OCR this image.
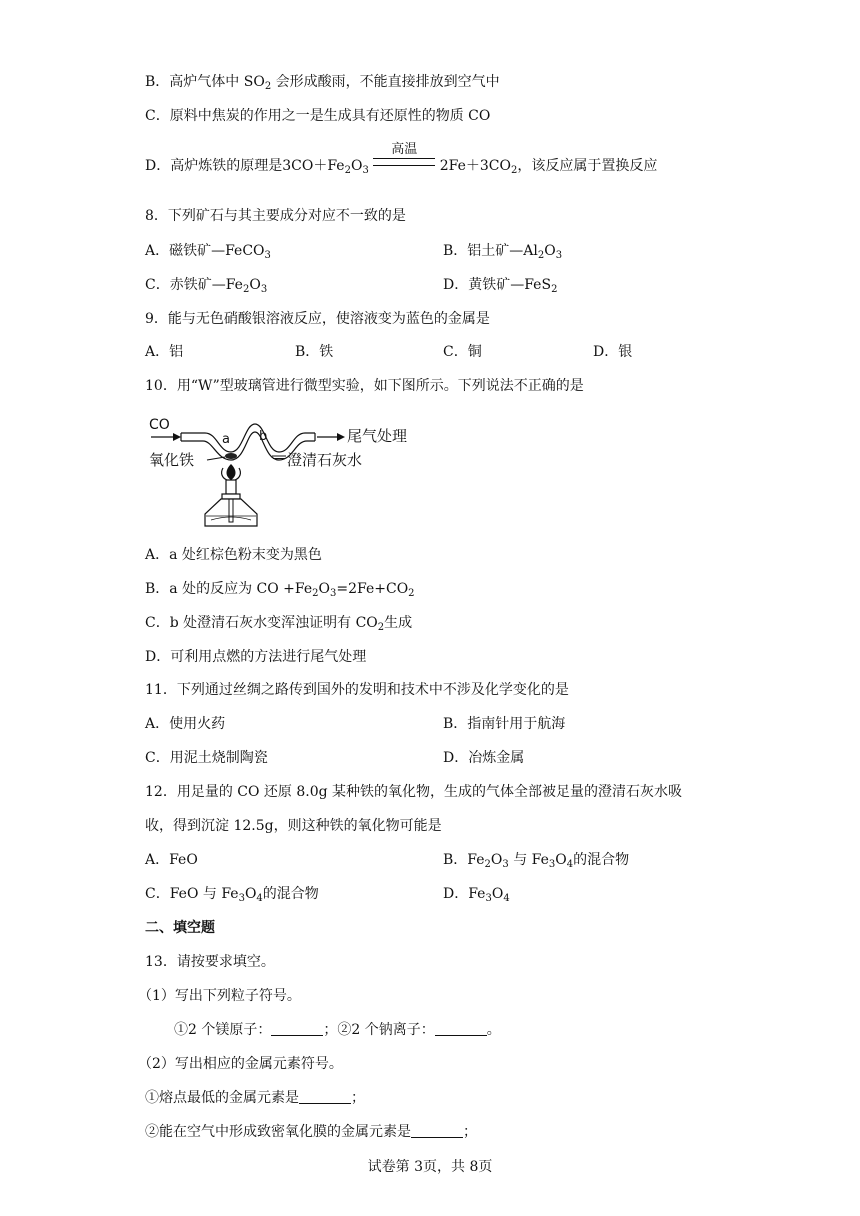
B．高炉气体中 $SO_2$ 会形成酸雨，不能直接排放到空气中
C．原料中焦炭的作用之一是生成具有还原性的物质 CO
D．高炉炼铁的原理是$3CO+Fe_2O_3$
高温
$2Fe+3CO_2$，该反应属于置换反应
8．下列矿石与其主要成分对应不一致的是
A．磁铁矿—FeCO$_3$	B．铝土矿$—Al_2O_3$
C．赤铁矿$—Fe_2O_3$	D．黄铁矿—FeS$_2$
9．能与无色硝酸银溶液反应，使溶液变为蓝色的金属是
A．铝	B．铁	C．铜	D．银
10．用“W”型玻璃管进行微型实验，如下图所示。下列说法不正确的是
CO
尾气处理
a b
氧化铁	澄清石灰水
A．a 处红棕色粉末变为黑色
B．a 处的反应为 CO $+Fe_2O_3=2Fe+CO_2$
C．b 处澄清石灰水变浑浊证明有 $CO_2$生成
D．可利用点燃的方法进行尾气处理
11．下列通过丝绸之路传到国外的发明和技术中不涉及化学变化的是
A．使用火药	B．指南针用于航海
C．用泥土烧制陶瓷	D．冶炼金属
12．用足量的 CO 还原 8.0g 某种铁的氧化物，生成的气体全部被足量的澄清石灰水吸
收，得到沉淀 12.5g，则这种铁的氧化物可能是
A．FeO	B．$Fe_2O_3$ 与 $Fe_3O_4$的混合物
C．FeO 与 $Fe_3O_4$的混合物	D．$Fe_3O_4$
二、填空题
13．请按要求填空。
（1）写出下列粒子符号。
①2 个镁原子：	；②2 个钠离子：	。
（2）写出相应的金属元素符号。
①熔点最低的金属元素是	；
②能在空气中形成致密氧化膜的金属元素是	；
试卷第 3页，共 8页
